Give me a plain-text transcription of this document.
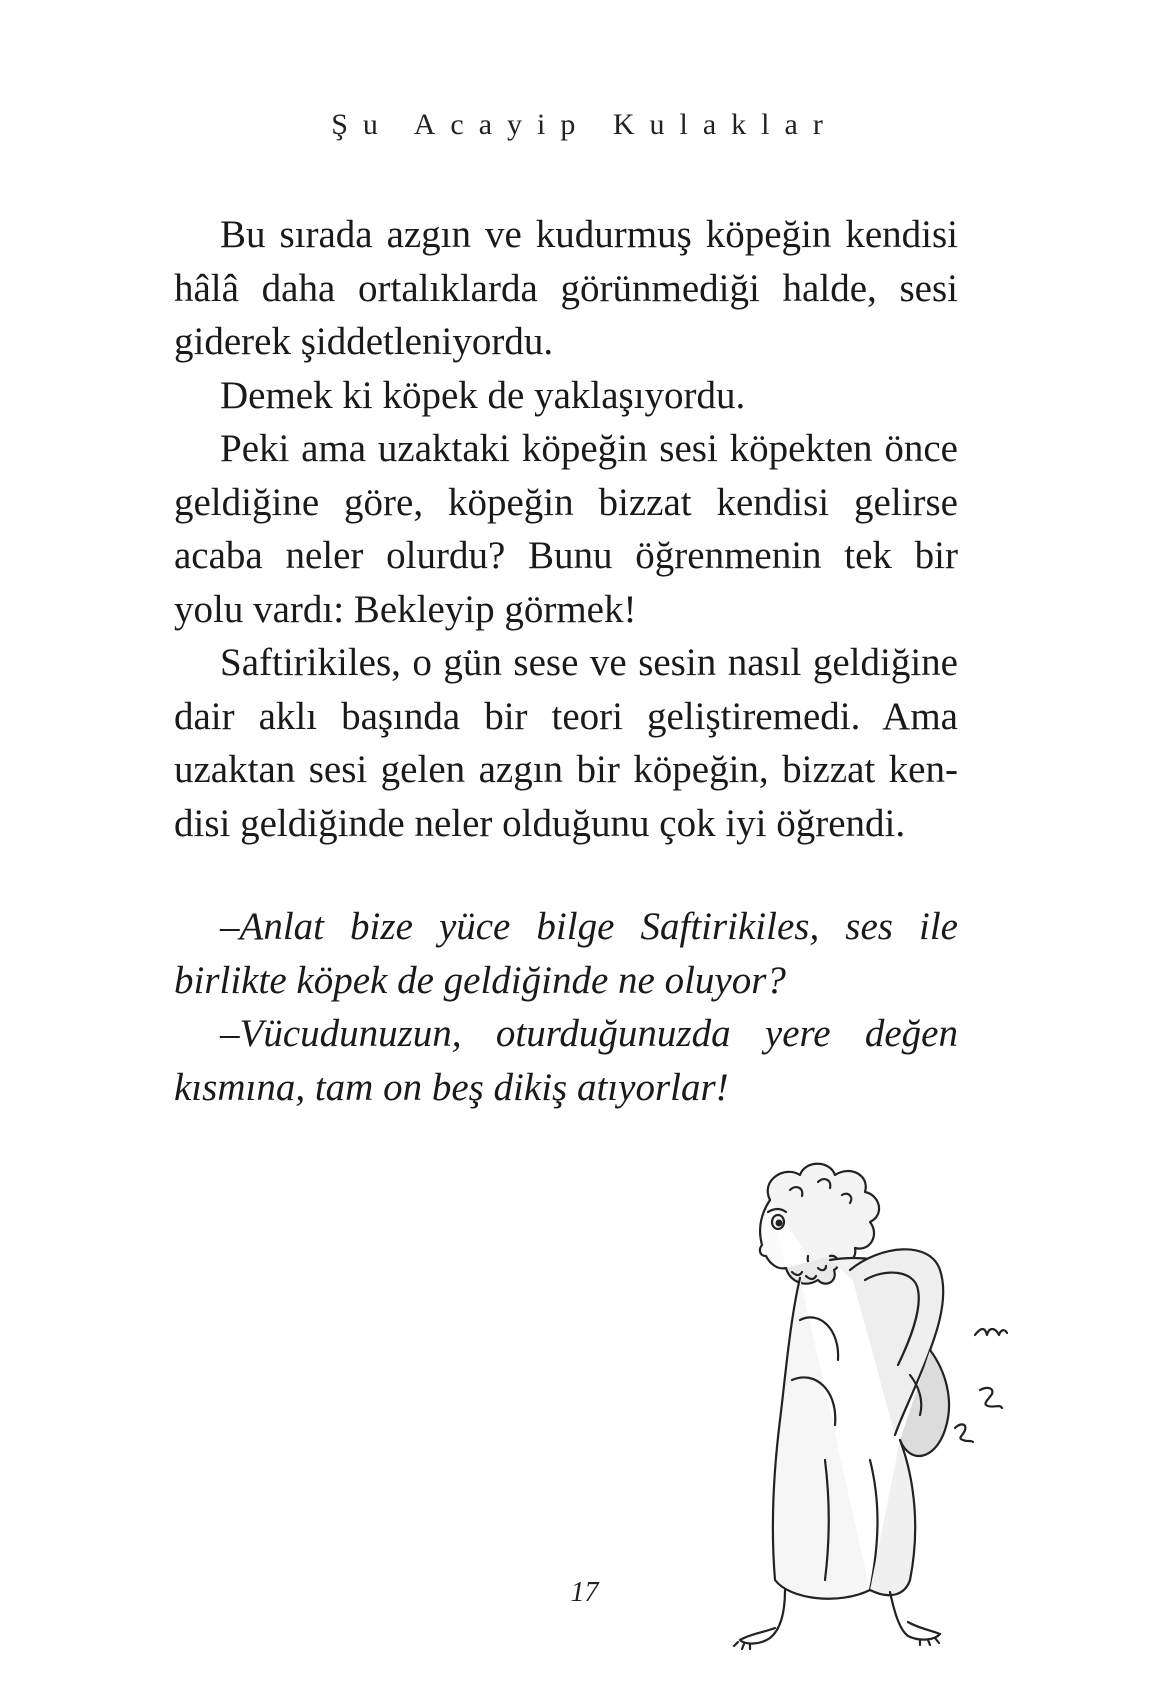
Şu Acayip Kulaklar

Bu sırada azgın ve kudurmuş köpeğin kendisi hâlâ daha ortalıklarda görünmediği halde, sesi giderek şiddetleniyordu.

Demek ki köpek de yaklaşıyordu.

Peki ama uzaktaki köpeğin sesi köpekten önce geldiğine göre, köpeğin bizzat kendisi gelirse acaba neler olurdu? Bunu öğrenmenin tek bir yolu vardı: Bekleyip görmek!

Saftirikiles, o gün sese ve sesin nasıl geldiğine dair aklı başında bir teori geliştiremedi. Ama uzaktan sesi gelen azgın bir köpeğin, bizzat kendisi geldiğinde neler olduğunu çok iyi öğrendi.

–Anlat bize yüce bilge Saftirikiles, ses ile birlikte köpek de geldiğinde ne oluyor?

–Vücudunuzun, oturduğunuzda yere değen kısmına, tam on beş dikiş atıyorlar!

17
